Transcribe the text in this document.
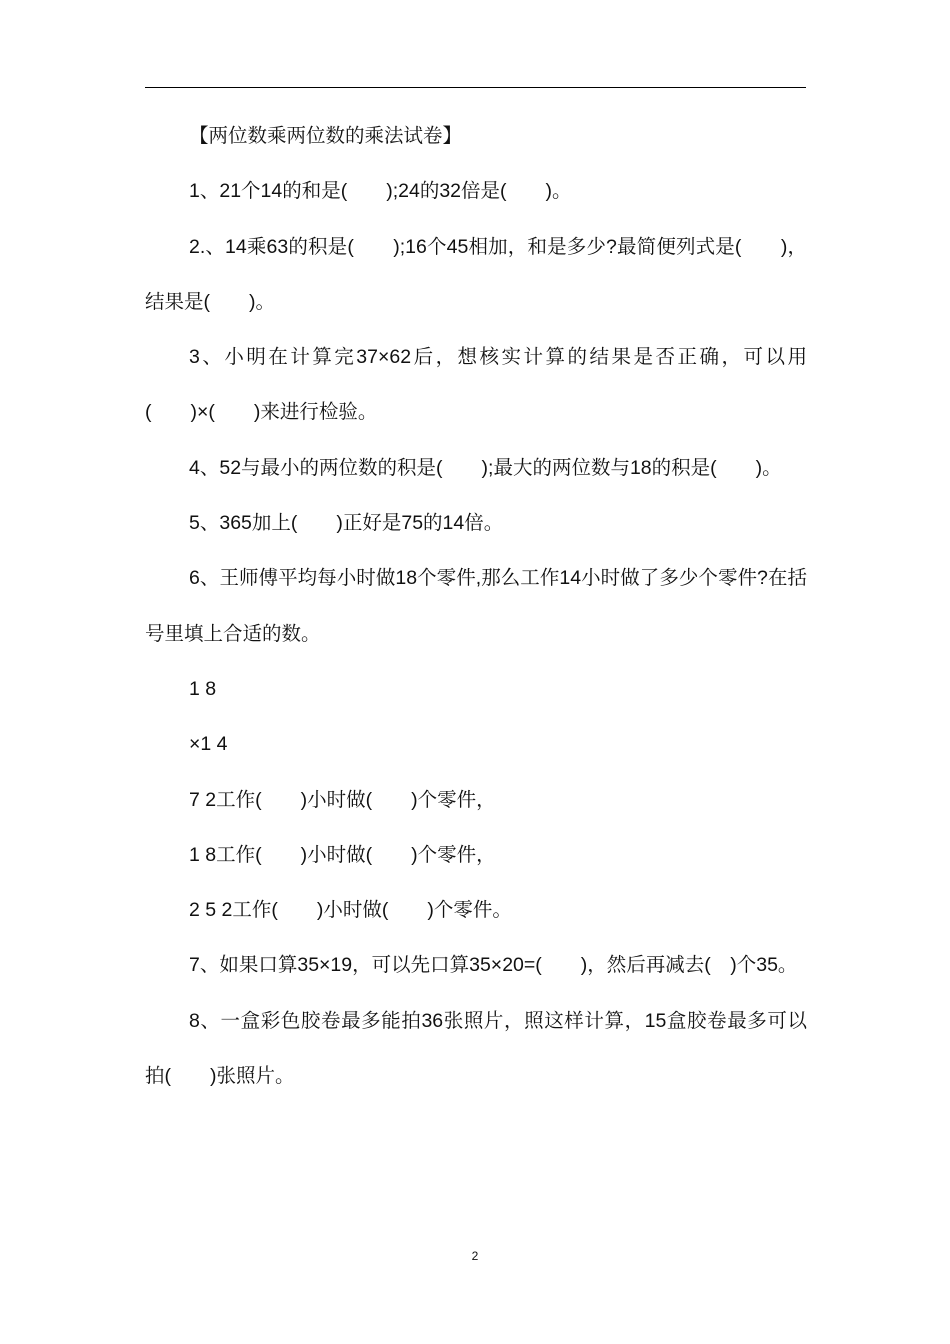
【两位数乘两位数的乘法试卷】

1、21个14的和是(　　);24的32倍是(　　)。

2.、14乘63的积是(　　);16个45相加，和是多少?最简便列式是(　　)，结果是(　　)。

3、小明在计算完37×62后，想核实计算的结果是否正确，可以用(　　)×(　　)来进行检验。

4、52与最小的两位数的积是(　　);最大的两位数与18的积是(　　)。

5、365加上(　　)正好是75的14倍。

6、王师傅平均每小时做18个零件,那么工作14小时做了多少个零件?在括号里填上合适的数。

1 8

×1 4

7 2工作(　　)小时做(　　)个零件，

1 8工作(　　)小时做(　　)个零件，

2 5 2工作(　　)小时做(　　)个零件。

7、如果口算35×19，可以先口算35×20=(　　)，然后再减去(　)个35。

8、一盒彩色胶卷最多能拍36张照片，照这样计算，15盒胶卷最多可以拍(　　)张照片。

2
